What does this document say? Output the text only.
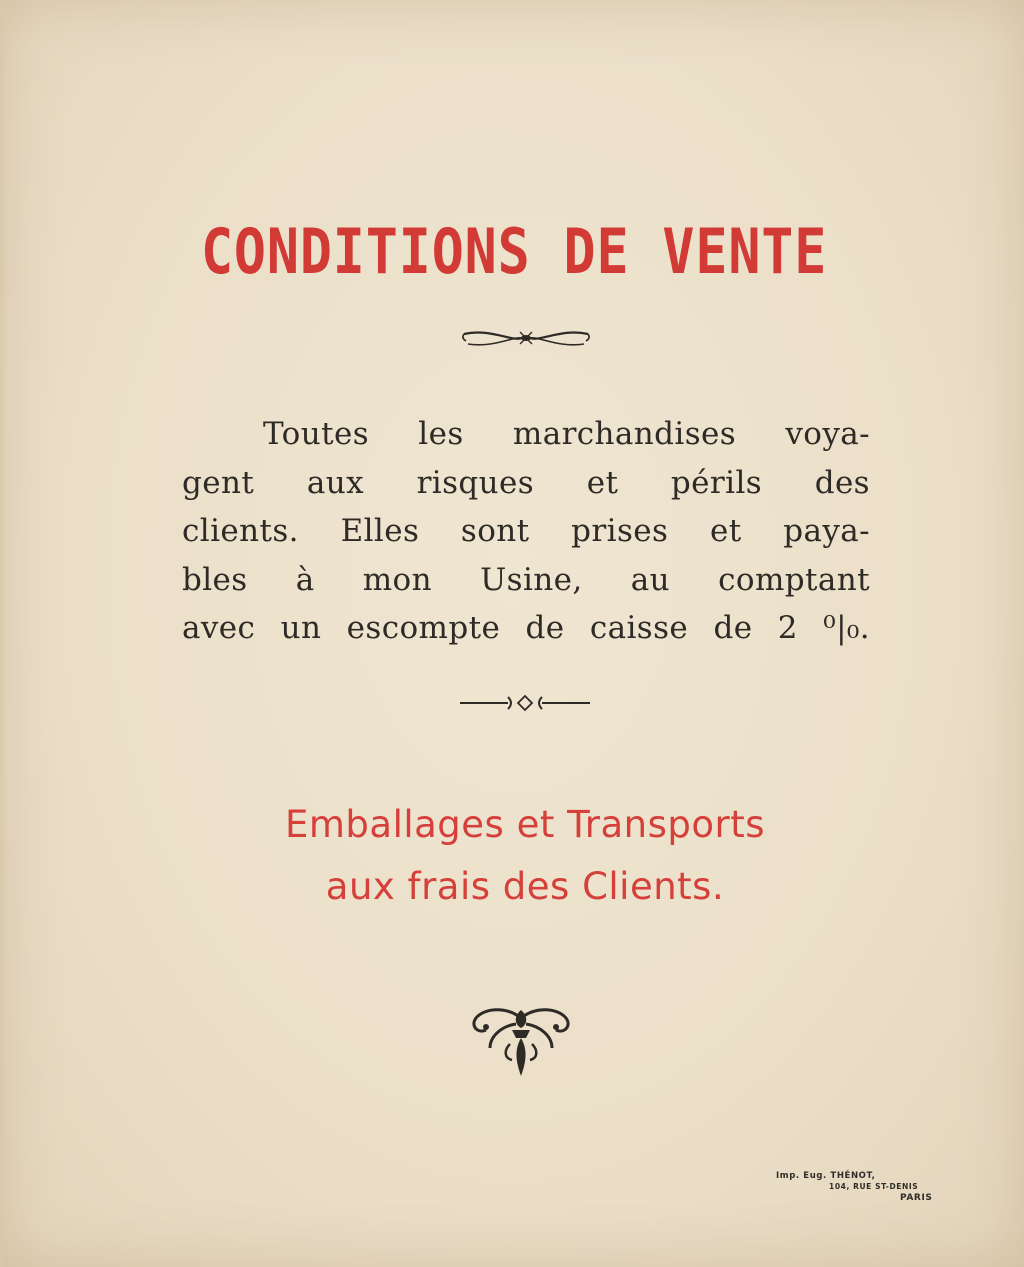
CONDITIONS DE VENTE
Toutes les marchandises voya-
gent aux risques et périls des
clients. Elles sont prises et paya-
bles à mon Usine, au comptant
avec un escompte de caisse de 2 ⁰|₀.
Emballages et Transports
aux frais des Clients.
Imp. Eug. THÉNOT,
104, RUE ST-DENIS
PARIS
